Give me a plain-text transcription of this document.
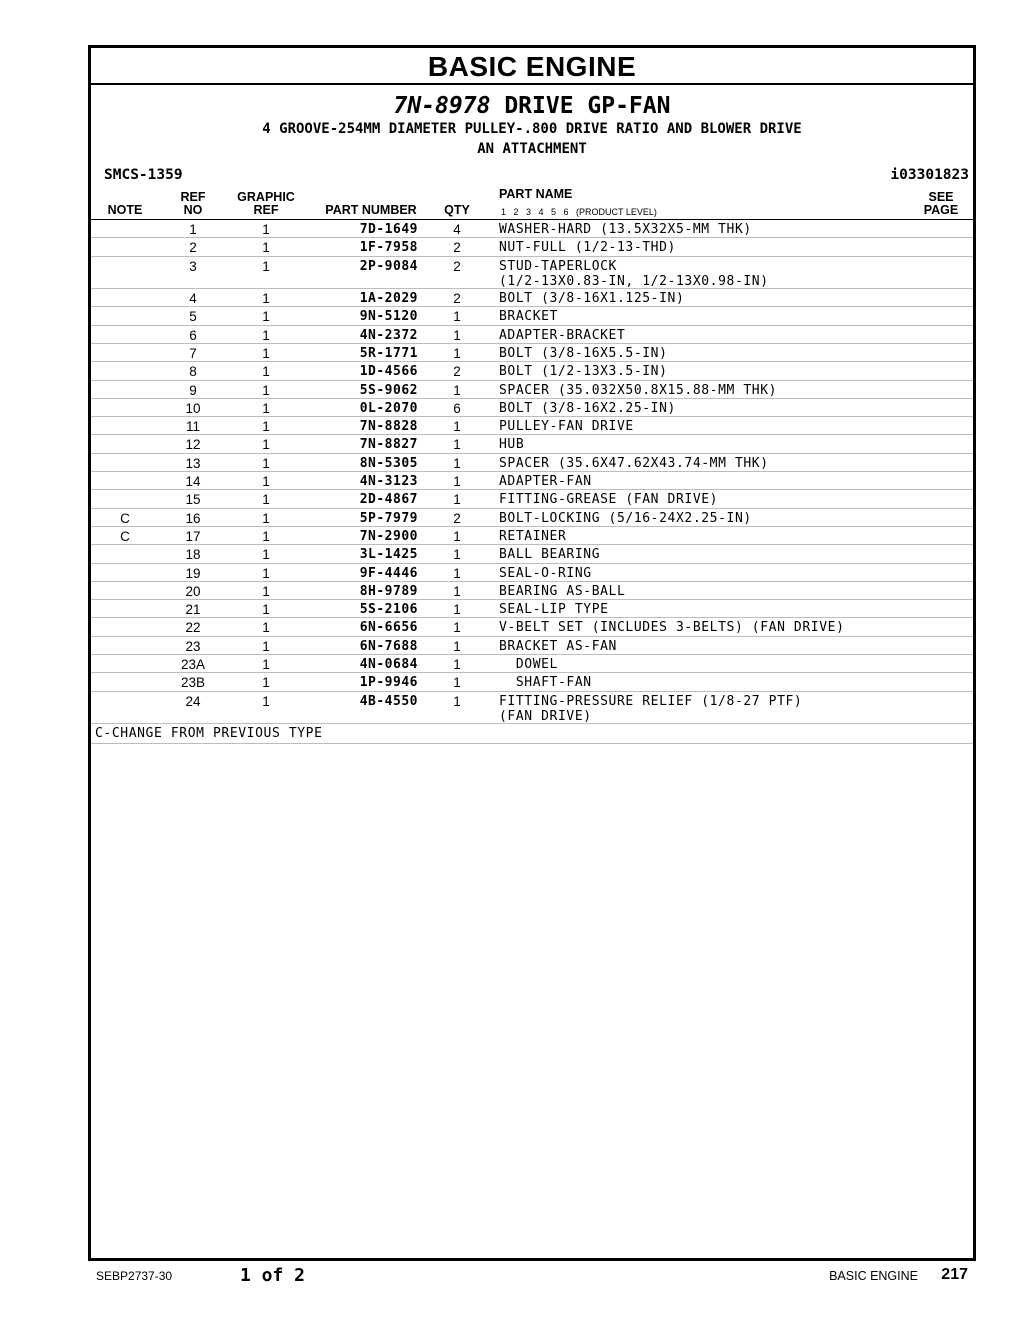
BASIC ENGINE
7N-8978 DRIVE GP-FAN
4 GROOVE-254MM DIAMETER PULLEY-.800 DRIVE RATIO AND BLOWER DRIVE
AN ATTACHMENT
SMCS-1359	i03301823
NOTE
REF
NO
GRAPHIC
REF	PART NUMBER	QTY
PART NAME
1   2   3   4   5   6   (PRODUCT LEVEL)
SEE
PAGE
1	1	7D-1649	4	WASHER-HARD (13.5X32X5-MM THK)
2	1	1F-7958	2	NUT-FULL (1/2-13-THD)
3	1	2P-9084	2	STUD-TAPERLOCK
(1/2-13X0.83-IN, 1/2-13X0.98-IN)
4	1	1A-2029	2	BOLT (3/8-16X1.125-IN)
5	1	9N-5120	1	BRACKET
6	1	4N-2372	1	ADAPTER-BRACKET
7	1	5R-1771	1	BOLT (3/8-16X5.5-IN)
8	1	1D-4566	2	BOLT (1/2-13X3.5-IN)
9	1	5S-9062	1	SPACER (35.032X50.8X15.88-MM THK)
10	1	0L-2070	6	BOLT (3/8-16X2.25-IN)
11	1	7N-8828	1	PULLEY-FAN DRIVE
12	1	7N-8827	1	HUB
13	1	8N-5305	1	SPACER (35.6X47.62X43.74-MM THK)
14	1	4N-3123	1	ADAPTER-FAN
15	1	2D-4867	1	FITTING-GREASE (FAN DRIVE)
C	16	1	5P-7979	2	BOLT-LOCKING (5/16-24X2.25-IN)
C	17	1	7N-2900	1	RETAINER
18	1	3L-1425	1	BALL BEARING
19	1	9F-4446	1	SEAL-O-RING
20	1	8H-9789	1	BEARING AS-BALL
21	1	5S-2106	1	SEAL-LIP TYPE
22	1	6N-6656	1	V-BELT SET (INCLUDES 3-BELTS) (FAN DRIVE)
23	1	6N-7688	1	BRACKET AS-FAN
23A	1	4N-0684	1	DOWEL
23B	1	1P-9946	1	SHAFT-FAN
24	1	4B-4550	1	FITTING-PRESSURE RELIEF (1/8-27 PTF)
(FAN DRIVE)
C-CHANGE FROM PREVIOUS TYPE
SEBP2737-30	1 of 2	BASIC ENGINE 217
